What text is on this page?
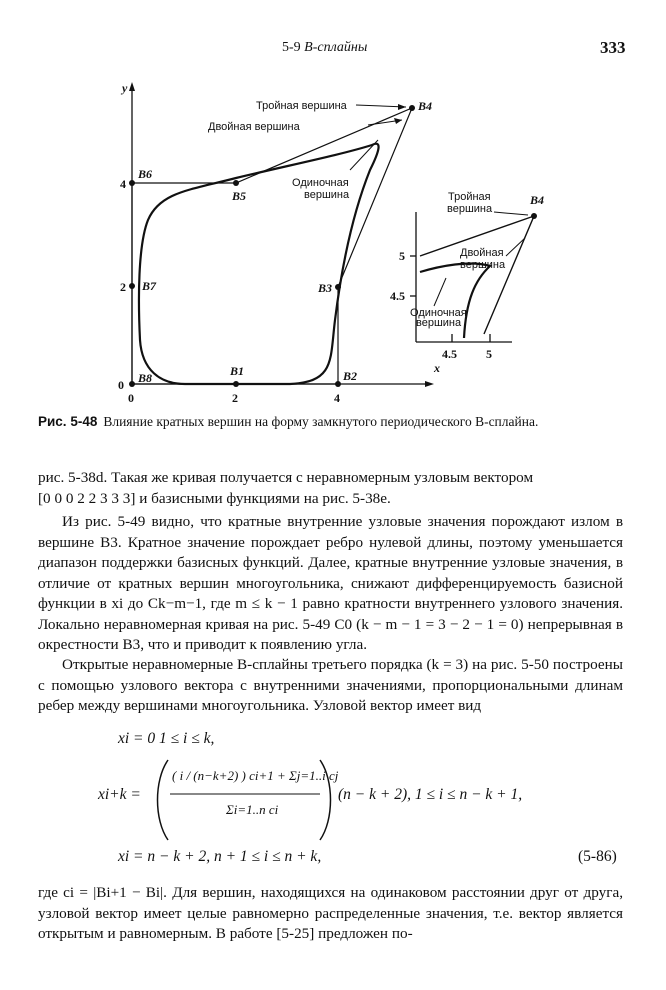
5-9 B-сплайны	333
y
x
0
0	2	4
2
4
B1	B2
B3
B4
B5
B6
B7
B8
Тройная вершина
Двойная вершина
Одиночная
вершина	Тройная
вершина
B4
Двойная
вершина
Одиночная
вершина
5
4.5
4.5 5
Рис. 5-48 Влияние кратных вершин на форму замкнутого периодического B-сплайна.
рис. 5-38d. Такая же кривая получается с неравномерным узловым вектором
[0 0 0 2 2 3 3 3] и базисными функциями на рис. 5-38e.
Из рис. 5-49 видно, что кратные внутренние узловые значения порождают излом в вершине B3. Кратное значение порождает ребро нулевой длины, поэтому уменьшается диапазон поддержки базисных функций. Далее, кратные внутренние узловые значения, в отличие от кратных вершин многоугольника, снижают дифференцируемость базисной функции в xi до Ck−m−1, где m ≤ k − 1 равно кратности внутреннего узлового значения. Локально неравномерная кривая на рис. 5-49 C0 (k − m − 1 = 3 − 2 − 1 = 0) непрерывная в окрестности B3, что и приводит к появлению угла.
Открытые неравномерные B-сплайны третьего порядка (k = 3) на рис. 5-50 построены с помощью узлового вектора с внутренними значениями, пропорциональными длинам ребер между вершинами многоугольника. Узловой вектор имеет вид
xi = 0 1 ≤ i ≤ k,
xi+k =
( i / (n−k+2) ) ci+1 + Σj=1..i cj
Σi=1..n ci
(n − k + 2), 1 ≤ i ≤ n − k + 1,
xi = n − k + 2, n + 1 ≤ i ≤ n + k,	(5-86)
где ci = |Bi+1 − Bi|. Для вершин, находящихся на одинаковом расстоянии друг от друга, узловой вектор имеет целые равномерно распределенные значения, т.е. вектор является открытым и равномерным. В работе [5-25] предложен по-
